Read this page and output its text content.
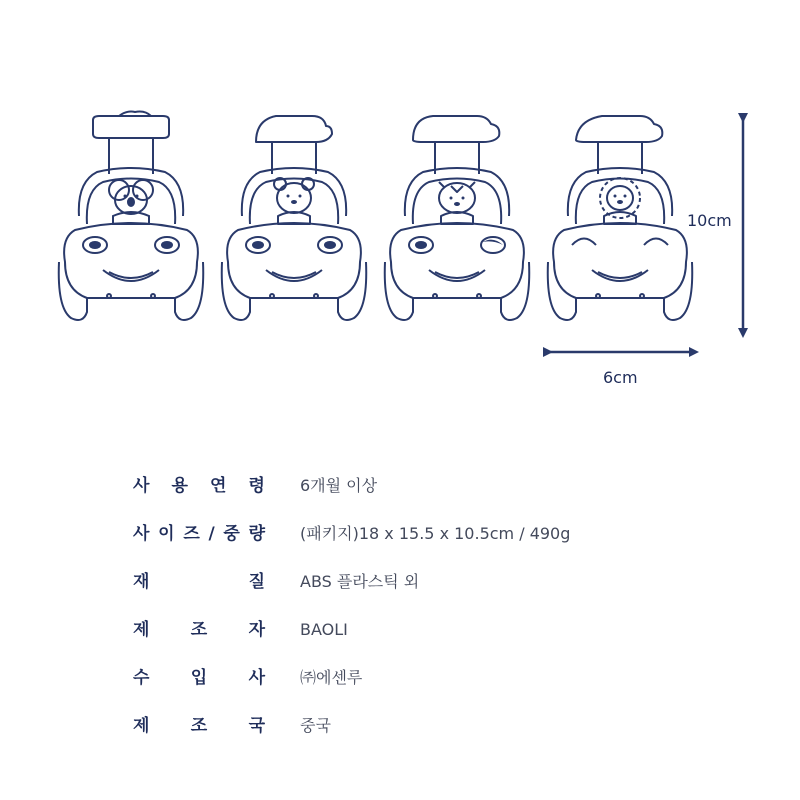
10cm
6cm
사 용 연 령 6개월 이상
사 이 즈 / 중 량 (패키지)18 x 15.5 x 10.5cm / 490g
재	질 ABS 플라스틱 외
제 조 자 BAOLI
수 입 사 ㈜에센루
제 조 국 중국
